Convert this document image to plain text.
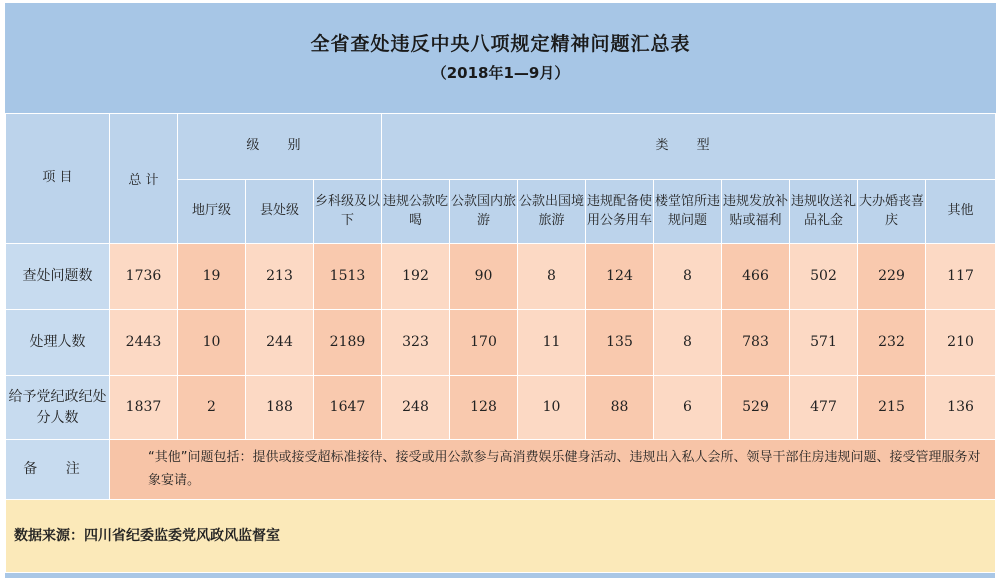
全省查处违反中央八项规定精神问题汇总表
（2018年1—9月）													

项 目	总 计	级 别			类 型								
		地厅级	县处级	乡科级及以下	违规公款吃喝	公款国内旅游	公款出国境旅游	违规配备使用公务用车	楼堂馆所违规问题	违规发放补贴或福利	违规收送礼品礼金	大办婚丧喜庆	其他
查处问题数	1736	19	213	1513	192	90	8	124	8	466	502	229	117
处理人数	2443	10	244	2189	323	170	11	135	8	783	571	232	210
给予党纪政纪处分人数	1837	2	188	1647	248	128	10	88	6	529	477	215	136
备 注	“其他”问题包括：提供或接受超标准接待、接受或用公款参与高消费娱乐健身活动、违规出入私人会所、领导干部住房违规问题、接受管理服务对象宴请。												
数据来源：四川省纪委监委党风政风监督室													
